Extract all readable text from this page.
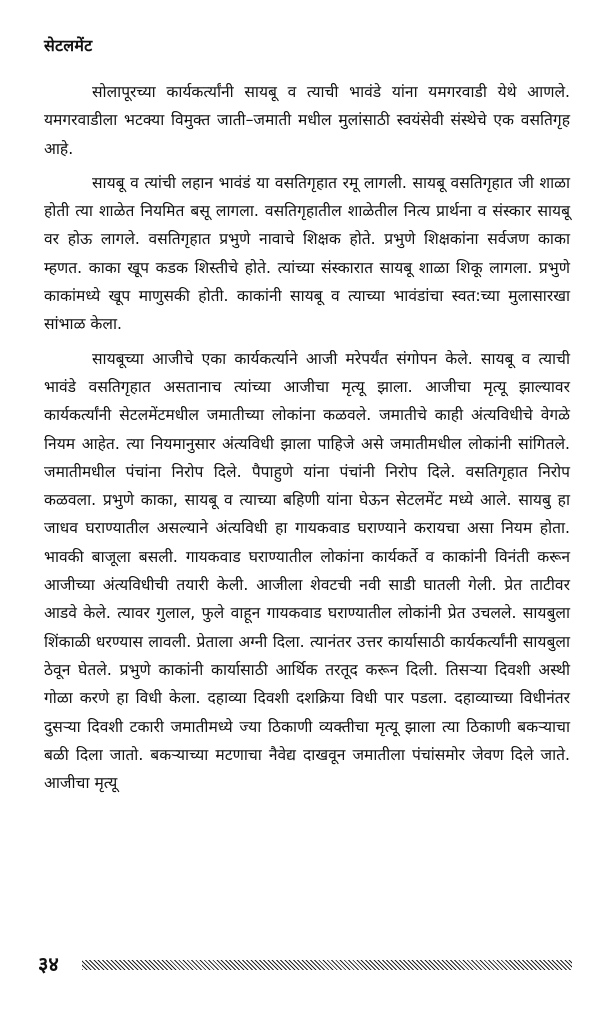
सेटलमेंट

सोलापूरच्या कार्यकर्त्यांनी सायबू व त्याची भावंडे यांना यमगरवाडी येथे आणले. यमगरवाडीला भटक्या विमुक्त जाती–जमाती मधील मुलांसाठी स्वयंसेवी संस्थेचे एक वसतिगृह आहे.

सायबू व त्यांची लहान भावंडं या वसतिगृहात रमू लागली. सायबू वसतिगृहात जी शाळा होती त्या शाळेत नियमित बसू लागला. वसतिगृहातील शाळेतील नित्य प्रार्थना व संस्कार सायबू वर होऊ लागले. वसतिगृहात प्रभुणे नावाचे शिक्षक होते. प्रभुणे शिक्षकांना सर्वजण काका म्हणत. काका खूप कडक शिस्तीचे होते. त्यांच्या संस्कारात सायबू शाळा शिकू लागला. प्रभुणे काकांमध्ये खूप माणुसकी होती. काकांनी सायबू व त्याच्या भावंडांचा स्वत:च्या मुलासारखा सांभाळ केला.

सायबूच्या आजीचे एका कार्यकर्त्याने आजी मरेपर्यंत संगोपन केले. सायबू व त्याची भावंडे वसतिगृहात असतानाच त्यांच्या आजीचा मृत्यू झाला. आजीचा मृत्यू झाल्यावर कार्यकर्त्यांनी सेटलमेंटमधील जमातीच्या लोकांना कळवले. जमातीचे काही अंत्यविधीचे वेगळे नियम आहेत. त्या नियमानुसार अंत्यविधी झाला पाहिजे असे जमातीमधील लोकांनी सांगितले. जमातीमधील पंचांना निरोप दिले. पैपाहुणे यांना पंचांनी निरोप दिले. वसतिगृहात निरोप कळवला. प्रभुणे काका, सायबू व त्याच्या बहिणी यांना घेऊन सेटलमेंट मध्ये आले. सायबु हा जाधव घराण्यातील असल्याने अंत्यविधी हा गायकवाड घराण्याने करायचा असा नियम होता. भावकी बाजूला बसली. गायकवाड घराण्यातील लोकांना कार्यकर्ते व काकांनी विनंती करून आजीच्या अंत्यविधीची तयारी केली. आजीला शेवटची नवी साडी घातली गेली. प्रेत ताटीवर आडवे केले. त्यावर गुलाल, फुले वाहून गायकवाड घराण्यातील लोकांनी प्रेत उचलले. सायबुला शिंकाळी धरण्यास लावली. प्रेताला अग्नी दिला. त्यानंतर उत्तर कार्यासाठी कार्यकर्त्यांनी सायबुला ठेवून घेतले. प्रभुणे काकांनी कार्यासाठी आर्थिक तरतूद करून दिली. तिसऱ्या दिवशी अस्थी गोळा करणे हा विधी केला. दहाव्या दिवशी दशक्रिया विधी पार पडला. दहाव्याच्या विधीनंतर दुसऱ्या दिवशी टकारी जमातीमध्ये ज्या ठिकाणी व्यक्तीचा मृत्यू झाला त्या ठिकाणी बकऱ्याचा बळी दिला जातो. बकऱ्याच्या मटणाचा नैवेद्य दाखवून जमातीला पंचांसमोर जेवण दिले जाते. आजीचा मृत्यू

३४
